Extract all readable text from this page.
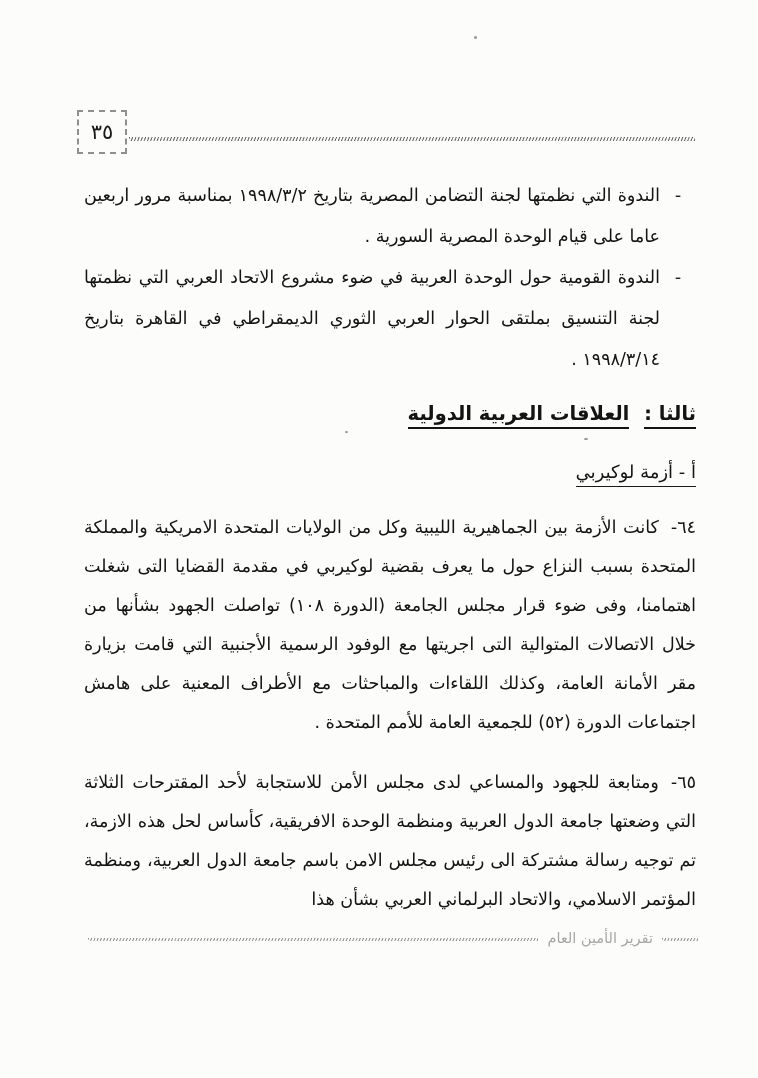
٣٥
-
الندوة التي نظمتها لجنة التضامن المصرية بتاريخ ١٩٩٨/٣/٢ بمناسبة مرور اربعين عاما على قيام الوحدة المصرية السورية .
-
الندوة القومية حول الوحدة العربية في ضوء مشروع الاتحاد العربي التي نظمتها لجنة التنسيق بملتقى الحوار العربي الثوري الديمقراطي في القاهرة بتاريخ ١٩٩٨/٣/١٤ .
ثالثا : العلاقات العربية الدولية
أ - أزمة لوكيربي
٦٤-كانت الأزمة بين الجماهيرية الليبية وكل من الولايات المتحدة الامريكية والمملكة المتحدة بسبب النزاع حول ما يعرف بقضية لوكيربي في مقدمة القضايا التى شغلت اهتمامنا، وفى ضوء قرار مجلس الجامعة (الدورة ١٠٨) تواصلت الجهود بشأنها من خلال الاتصالات المتوالية التى اجريتها مع الوفود الرسمية الأجنبية التي قامت بزيارة مقر الأمانة العامة، وكذلك اللقاءات والمباحثات مع الأطراف المعنية على هامش اجتماعات الدورة (٥٢) للجمعية العامة للأمم المتحدة .
٦٥-ومتابعة للجهود والمساعي لدى مجلس الأمن للاستجابة لأحد المقترحات الثلاثة التي وضعتها جامعة الدول العربية ومنظمة الوحدة الافريقية، كأساس لحل هذه الازمة، تم توجيه رسالة مشتركة الى رئيس مجلس الامن باسم جامعة الدول العربية، ومنظمة المؤتمر الاسلامي، والاتحاد البرلماني العربي بشأن هذا
تقرير الأمين العام
